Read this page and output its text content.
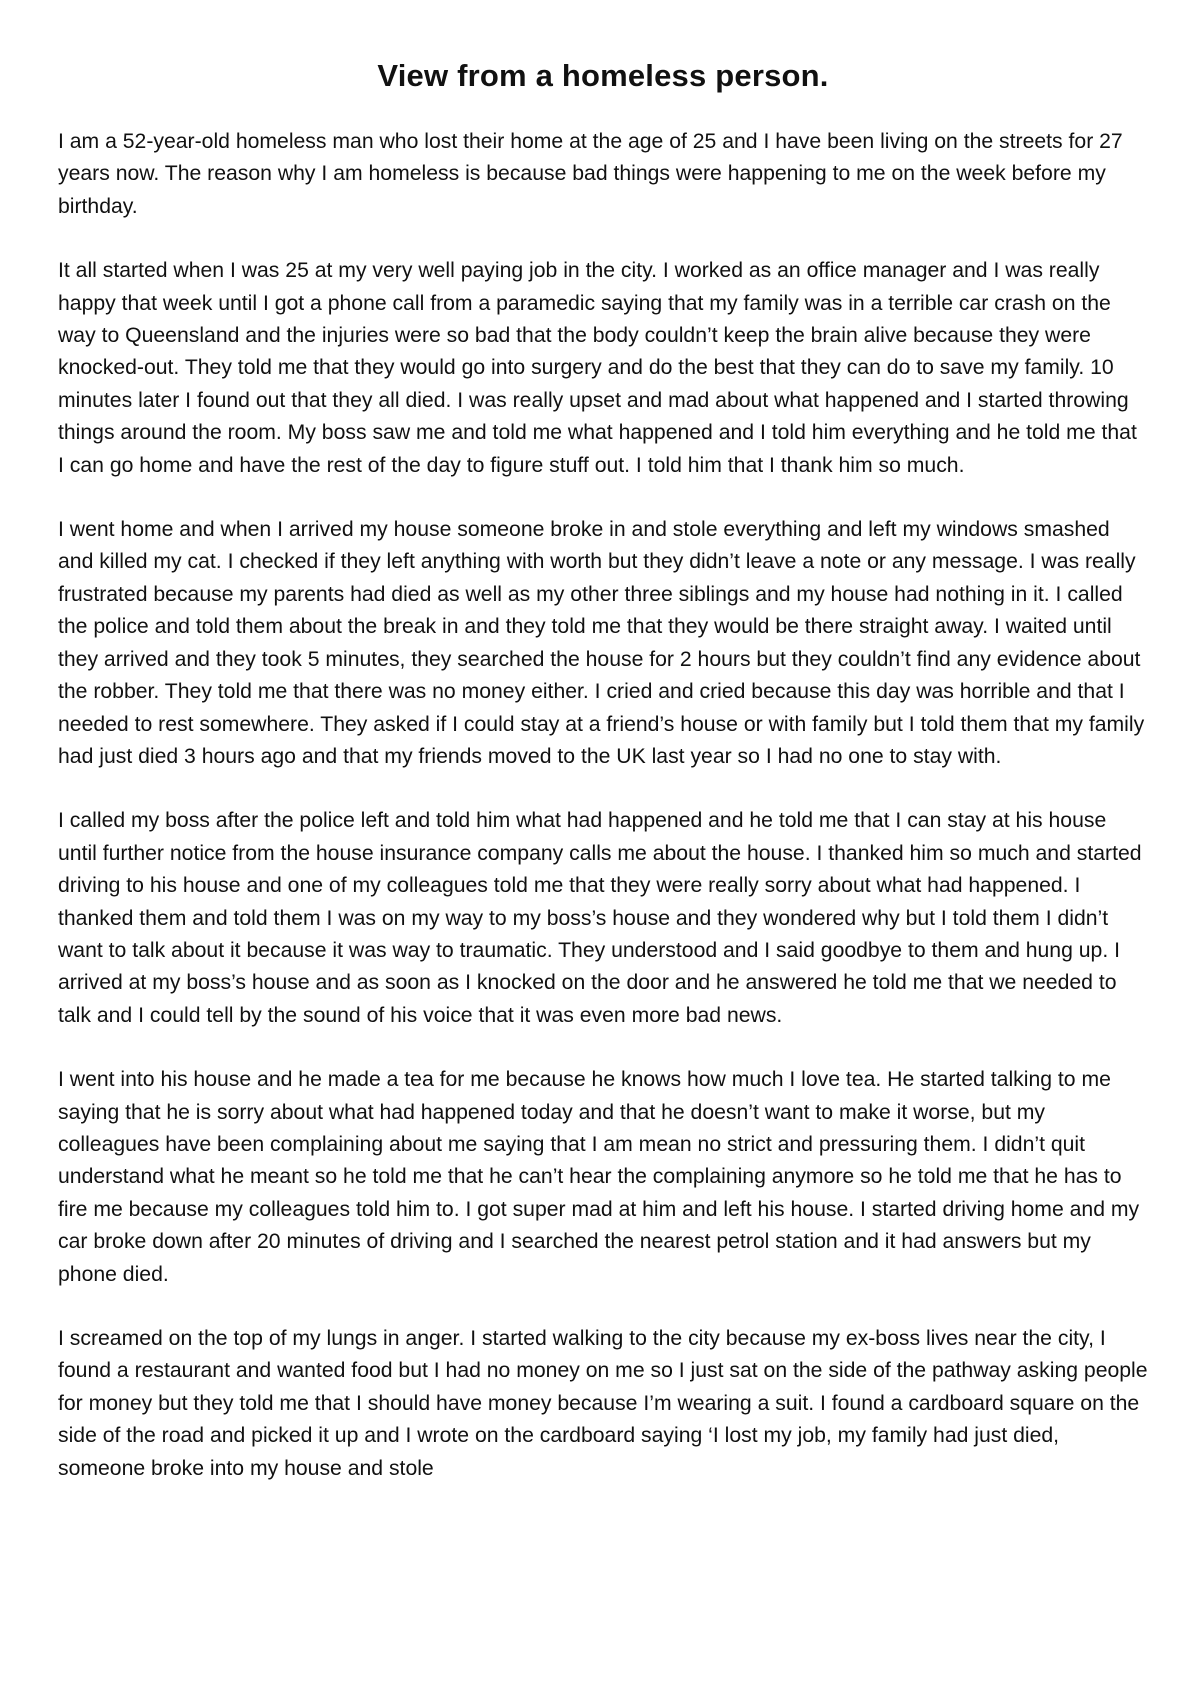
View from a homeless person.

I am a 52-year-old homeless man who lost their home at the age of 25 and I have been living on the streets for 27 years now. The reason why I am homeless is because bad things were happening to me on the week before my birthday.

It all started when I was 25 at my very well paying job in the city. I worked as an office manager and I was really happy that week until I got a phone call from a paramedic saying that my family was in a terrible car crash on the way to Queensland and the injuries were so bad that the body couldn’t keep the brain alive because they were knocked-out. They told me that they would go into surgery and do the best that they can do to save my family. 10 minutes later I found out that they all died. I was really upset and mad about what happened and I started throwing things around the room. My boss saw me and told me what happened and I told him everything and he told me that I can go home and have the rest of the day to figure stuff out. I told him that I thank him so much.

I went home and when I arrived my house someone broke in and stole everything and left my windows smashed and killed my cat. I checked if they left anything with worth but they didn’t leave a note or any message. I was really frustrated because my parents had died as well as my other three siblings and my house had nothing in it. I called the police and told them about the break in and they told me that they would be there straight away. I waited until they arrived and they took 5 minutes, they searched the house for 2 hours but they couldn’t find any evidence about the robber. They told me that there was no money either. I cried and cried because this day was horrible and that I needed to rest somewhere. They asked if I could stay at a friend’s house or with family but I told them that my family had just died 3 hours ago and that my friends moved to the UK last year so I had no one to stay with.

I called my boss after the police left and told him what had happened and he told me that I can stay at his house until further notice from the house insurance company calls me about the house. I thanked him so much and started driving to his house and one of my colleagues told me that they were really sorry about what had happened. I thanked them and told them I was on my way to my boss’s house and they wondered why but I told them I didn’t want to talk about it because it was way to traumatic. They understood and I said goodbye to them and hung up. I arrived at my boss’s house and as soon as I knocked on the door and he answered he told me that we needed to talk and I could tell by the sound of his voice that it was even more bad news.

I went into his house and he made a tea for me because he knows how much I love tea. He started talking to me saying that he is sorry about what had happened today and that he doesn’t want to make it worse, but my colleagues have been complaining about me saying that I am mean no strict and pressuring them. I didn’t quit understand what he meant so he told me that he can’t hear the complaining anymore so he told me that he has to fire me because my colleagues told him to. I got super mad at him and left his house. I started driving home and my car broke down after 20 minutes of driving and I searched the nearest petrol station and it had answers but my phone died.

I screamed on the top of my lungs in anger. I started walking to the city because my ex-boss lives near the city, I found a restaurant and wanted food but I had no money on me so I just sat on the side of the pathway asking people for money but they told me that I should have money because I’m wearing a suit. I found a cardboard square on the side of the road and picked it up and I wrote on the cardboard saying ‘I lost my job, my family had just died, someone broke into my house and stole
